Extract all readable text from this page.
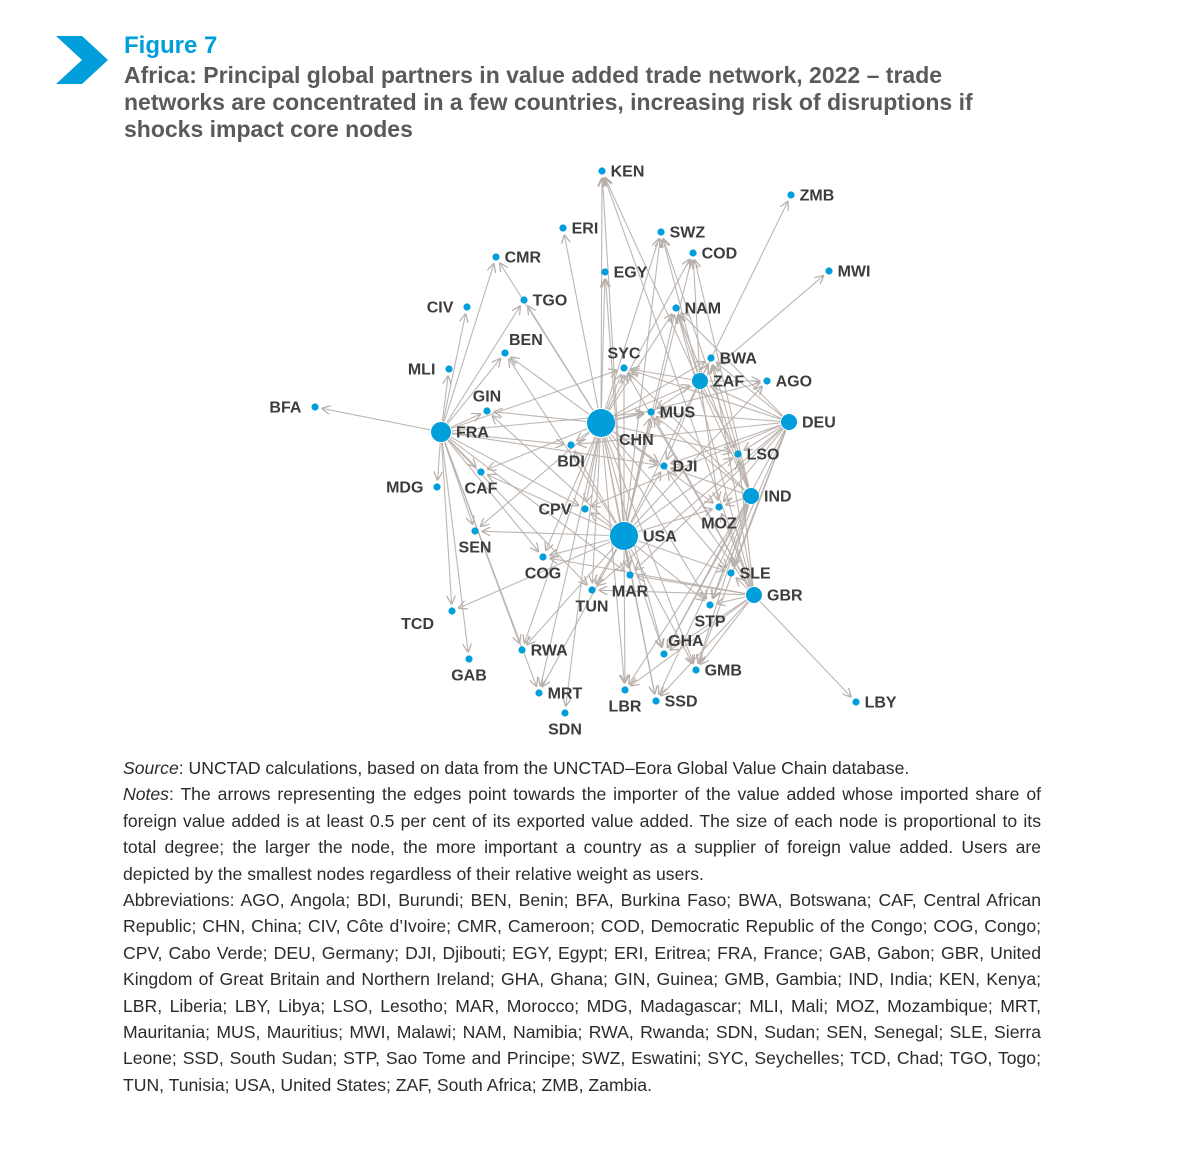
Figure 7
Africa: Principal global partners in value added trade network, 2022 – trade networks are concentrated in a few countries, increasing risk of disruptions if shocks impact core nodes
KEN
ZMB
ERI	SWZ
CMR	COD
EGY	MWI
CIV	TGO	NAM
BEN
SYC	BWA
MLI
ZAF AGO
GIN
BFA	MUS
DEU
FRA	CHN
BDI	LSO
DJI
MDG	CAF	IND
MOZ
CPV
USA
SEN
COG	SLE
MAR	GBR
TUN
STP
TCD
GHA
RWA
GMB
GAB
MRT
LBR SSD	LBY
SDN

Source: UNCTAD calculations, based on data from the UNCTAD–Eora Global Value Chain database.

Notes: The arrows representing the edges point towards the importer of the value added whose imported share of foreign value added is at least 0.5 per cent of its exported value added. The size of each node is proportional to its total degree; the larger the node, the more important a country as a supplier of foreign value added. Users are depicted by the smallest nodes regardless of their relative weight as users.

Abbreviations: AGO, Angola; BDI, Burundi; BEN, Benin; BFA, Burkina Faso; BWA, Botswana; CAF, Central African Republic; CHN, China; CIV, Côte d’Ivoire; CMR, Cameroon; COD, Democratic Republic of the Congo; COG, Congo; CPV, Cabo Verde; DEU, Germany; DJI, Djibouti; EGY, Egypt; ERI, Eritrea; FRA, France; GAB, Gabon; GBR, United Kingdom of Great Britain and Northern Ireland; GHA, Ghana; GIN, Guinea; GMB, Gambia; IND, India; KEN, Kenya; LBR, Liberia; LBY, Libya; LSO, Lesotho; MAR, Morocco; MDG, Madagascar; MLI, Mali; MOZ, Mozambique; MRT, Mauritania; MUS, Mauritius; MWI, Malawi; NAM, Namibia; RWA, Rwanda; SDN, Sudan; SEN, Senegal; SLE, Sierra Leone; SSD, South Sudan; STP, Sao Tome and Principe; SWZ, Eswatini; SYC, Seychelles; TCD, Chad; TGO, Togo; TUN, Tunisia; USA, United States; ZAF, South Africa; ZMB, Zambia.
